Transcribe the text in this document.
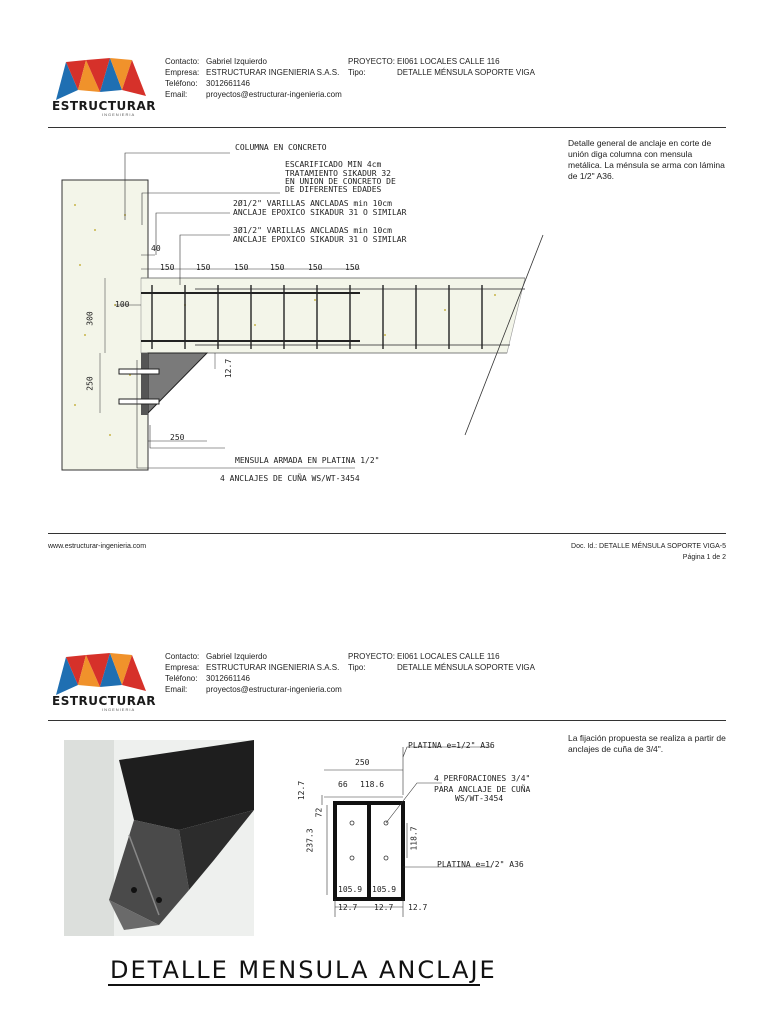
ESTRUCTURAR
INGENIERIA
Contacto: Gabriel Izquierdo
Empresa: ESTRUCTURAR INGENIERIA S.A.S.
Teléfono: 3012661146
Email: proyectos@estructurar-ingenieria.com
PROYECTO: EI061 LOCALES CALLE 116
Tipo:	DETALLE MÉNSULA SOPORTE VIGA
COLUMNA EN CONCRETO
ESCARIFICADO MIN 4cm
TRATAMIENTO SIKADUR 32
EN UNION DE CONCRETO DE
DE DIFERENTES EDADES
2Ø1/2" VARILLAS ANCLADAS min 10cm
ANCLAJE EPOXICO SIKADUR 31 O SIMILAR
3Ø1/2" VARILLAS ANCLADAS min 10cm
ANCLAJE EPOXICO SIKADUR 31 O SIMILAR
40
150	150	150	150	150	150
100
300
250
12.7
250
MENSULA ARMADA EN PLATINA 1/2"
4 ANCLAJES DE CUÑA WS/WT-3454
Detalle general de anclaje en corte de unión diga columna con mensula metálica. La ménsula se arma con lámina de 1/2" A36.
www.estructurar-ingenieria.com	Doc. Id.: DETALLE MÉNSULA SOPORTE VIGA-5
Página 1 de 2
ESTRUCTURAR
INGENIERIA
Contacto: Gabriel Izquierdo
Empresa: ESTRUCTURAR INGENIERIA S.A.S.
Teléfono: 3012661146
Email: proyectos@estructurar-ingenieria.com
PROYECTO: EI061 LOCALES CALLE 116
Tipo:	DETALLE MÉNSULA SOPORTE VIGA
250
PLATINA e=1/2" A36
66 118.6
4 PERFORACIONES 3/4"
PARA ANCLAJE DE CUÑA
WS/WT-3454
12.7
72
237.3	118.7
PLATINA e=1/2" A36
105.9 105.9
12.7 12.7 12.7
La fijación propuesta se realiza a partir de anclajes de cuña de 3/4".
DETALLE MENSULA ANCLAJE
